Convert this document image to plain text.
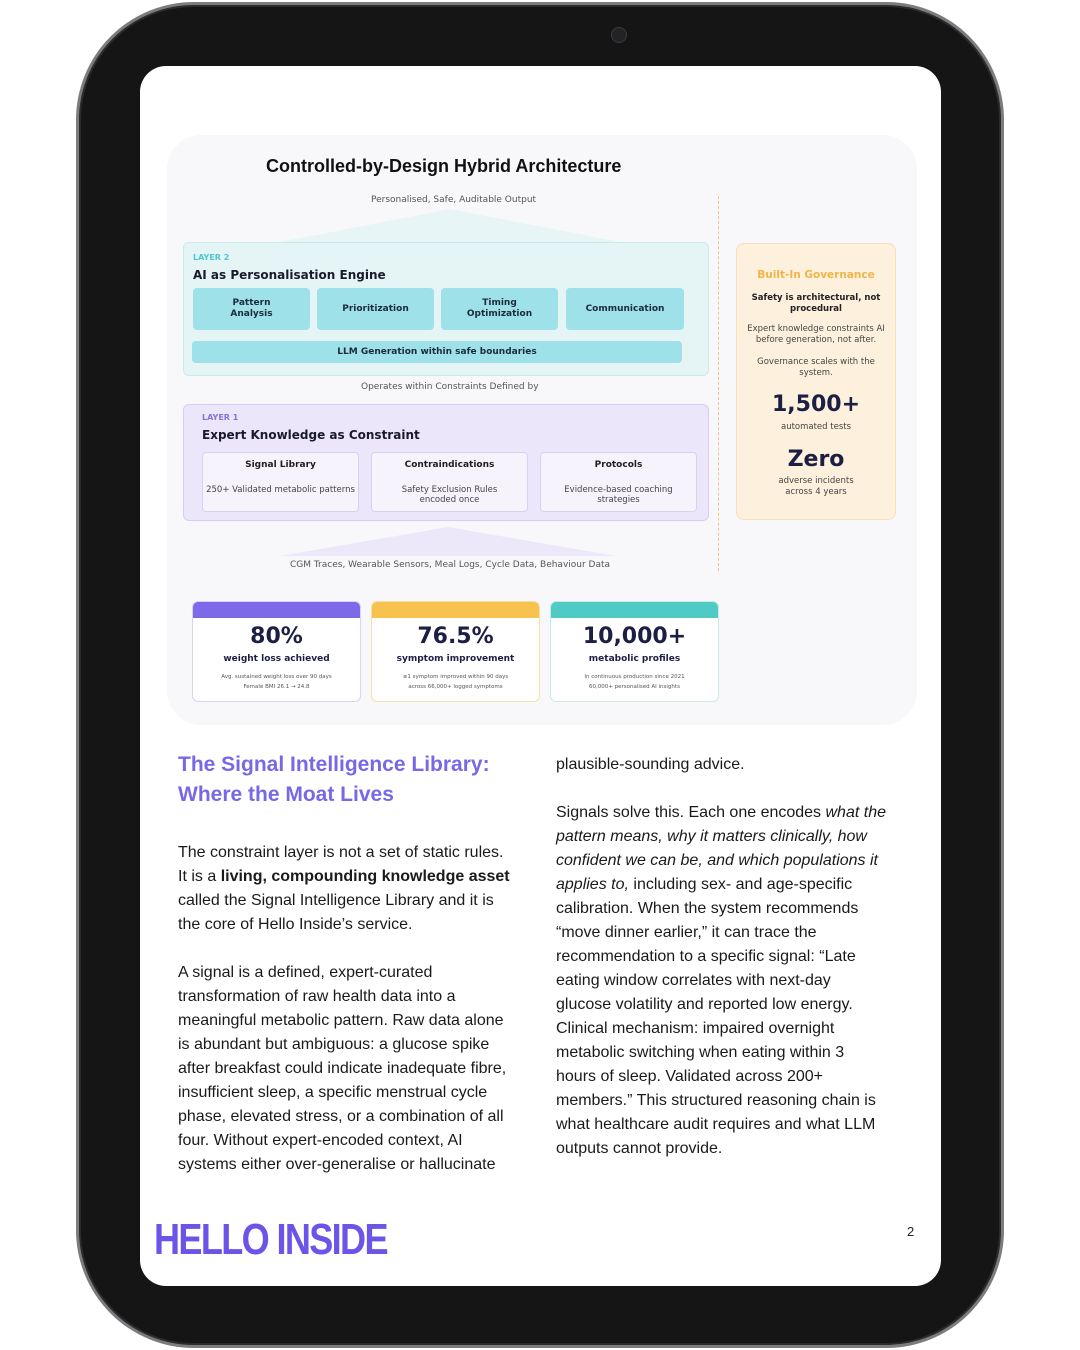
Controlled-by-Design Hybrid Architecture
Personalised, Safe, Auditable Output
LAYER 2
AI as Personalisation Engine
Pattern
Analysis
Prioritization
Timing
Optimization
Communication
LLM Generation within safe boundaries
Operates within Constraints Defined by
LAYER 1
Expert Knowledge as Constraint
Signal Library
250+ Validated metabolic patterns
Contraindications
Safety Exclusion Rules
encoded once
Protocols
Evidence-based coaching
strategies
CGM Traces, Wearable Sensors, Meal Logs, Cycle Data, Behaviour Data
Built-In Governance
Safety is architectural, not
procedural
Expert knowledge constraints AI
before generation, not after.
Governance scales with the
system.
1,500+
automated tests
Zero
adverse incidents
across 4 years
80%
weight loss achieved
Avg. sustained weight loss over 90 days
Female BMI 26.1 → 24.8
76.5%
symptom improvement
≥1 symptom improved within 90 days
across 66,000+ logged symptoms
10,000+
metabolic profiles
In continuous production since 2021
60,000+ personalised AI insights
The Signal Intelligence Library:
Where the Moat Lives
The constraint layer is not a set of static rules.
It is a living, compounding knowledge asset
called the Signal Intelligence Library and it is
the core of Hello Inside’s service.
A signal is a defined, expert-curated
transformation of raw health data into a
meaningful metabolic pattern. Raw data alone
is abundant but ambiguous: a glucose spike
after breakfast could indicate inadequate fibre,
insufficient sleep, a specific menstrual cycle
phase, elevated stress, or a combination of all
four. Without expert-encoded context, AI
systems either over-generalise or hallucinate
plausible-sounding advice.
Signals solve this. Each one encodes what the
pattern means, why it matters clinically, how
confident we can be, and which populations it
applies to, including sex- and age-specific
calibration. When the system recommends
“move dinner earlier,” it can trace the
recommendation to a specific signal: “Late
eating window correlates with next-day
glucose volatility and reported low energy.
Clinical mechanism: impaired overnight
metabolic switching when eating within 3
hours of sleep. Validated across 200+
members.” This structured reasoning chain is
what healthcare audit requires and what LLM
outputs cannot provide.
HELLO INSIDE	2
